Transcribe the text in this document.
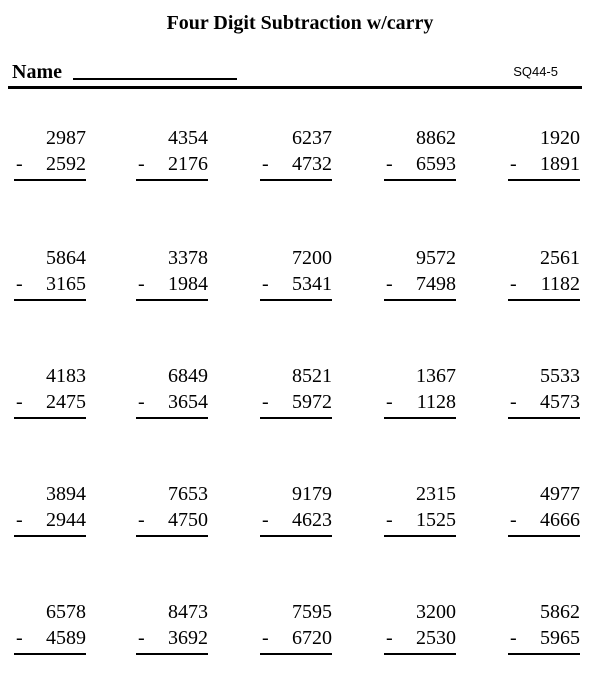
Four Digit Subtraction w/carry
Name	SQ44-5
2987
- 2592
4354
- 2176
6237
- 4732
8862
- 6593
1920
- 1891
5864
- 3165
3378
- 1984
7200
- 5341
9572
- 7498
2561
- 1182
4183
- 2475
6849
- 3654
8521
- 5972
1367
- 1128
5533
- 4573
3894
- 2944
7653
- 4750
9179
- 4623
2315
- 1525
4977
- 4666
6578
- 4589
8473
- 3692
7595
- 6720
3200
- 2530
5862
- 5965
